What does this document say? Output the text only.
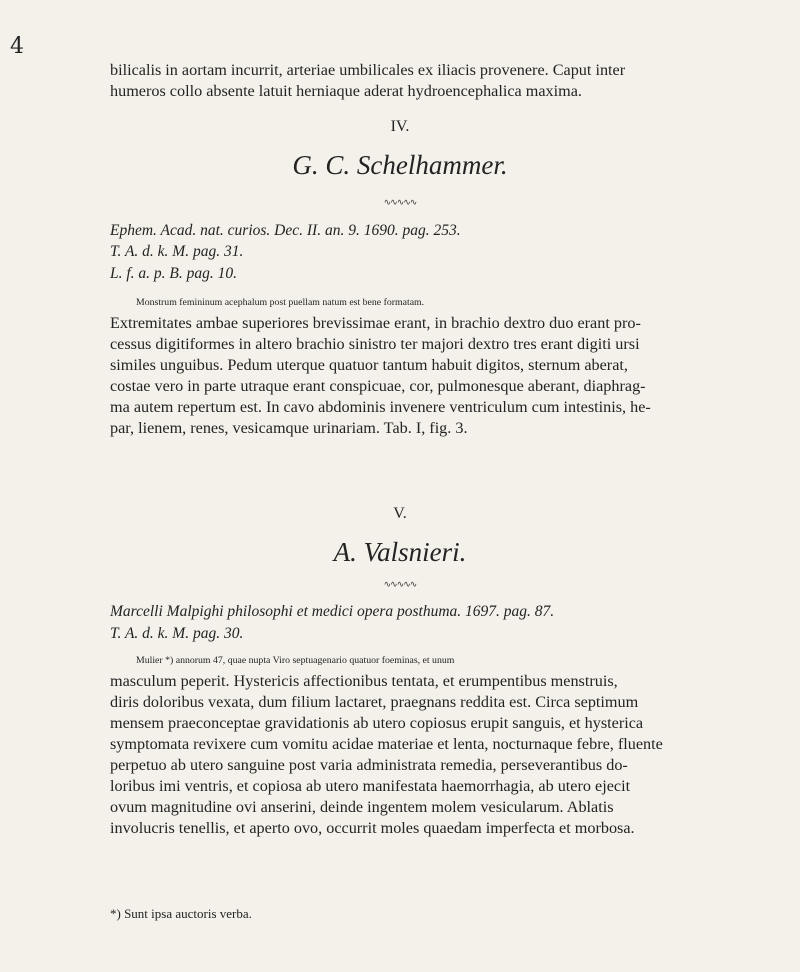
4
bilicalis in aortam incurrit, arteriae umbilicales ex iliacis provenere. Caput inter
humeros collo absente latuit herniaque aderat hydroencephalica maxima.
IV.
G. C. Schelhammer.
∿∿∿∿∿
Ephem. Acad. nat. curios. Dec. II. an. 9. 1690. pag. 253.
T. A. d. k. M. pag. 31.
L. f. a. p. B. pag. 10.
Monstrum femininum acephalum post puellam natum est bene formatam.
Extremitates ambae superiores brevissimae erant, in brachio dextro duo erant pro-
cessus digitiformes in altero brachio sinistro ter majori dextro tres erant digiti ursi
similes unguibus. Pedum uterque quatuor tantum habuit digitos, sternum aberat,
costae vero in parte utraque erant conspicuae, cor, pulmonesque aberant, diaphrag-
ma autem repertum est. In cavo abdominis invenere ventriculum cum intestinis, he-
par, lienem, renes, vesicamque urinariam. Tab. I, fig. 3.
V.
A. Valsnieri.
∿∿∿∿∿
Marcelli Malpighi philosophi et medici opera posthuma. 1697. pag. 87.
T. A. d. k. M. pag. 30.
Mulier *) annorum 47, quae nupta Viro septuagenario quatuor foeminas, et unum
masculum peperit. Hystericis affectionibus tentata, et erumpentibus menstruis,
diris doloribus vexata, dum filium lactaret, praegnans reddita est. Circa septimum
mensem praeconceptae gravidationis ab utero copiosus erupit sanguis, et hysterica
symptomata revixere cum vomitu acidae materiae et lenta, nocturnaque febre, fluente
perpetuo ab utero sanguine post varia administrata remedia, perseverantibus do-
loribus imi ventris, et copiosa ab utero manifestata haemorrhagia, ab utero ejecit
ovum magnitudine ovi anserini, deinde ingentem molem vesicularum. Ablatis
involucris tenellis, et aperto ovo, occurrit moles quaedam imperfecta et morbosa.
*) Sunt ipsa auctoris verba.
